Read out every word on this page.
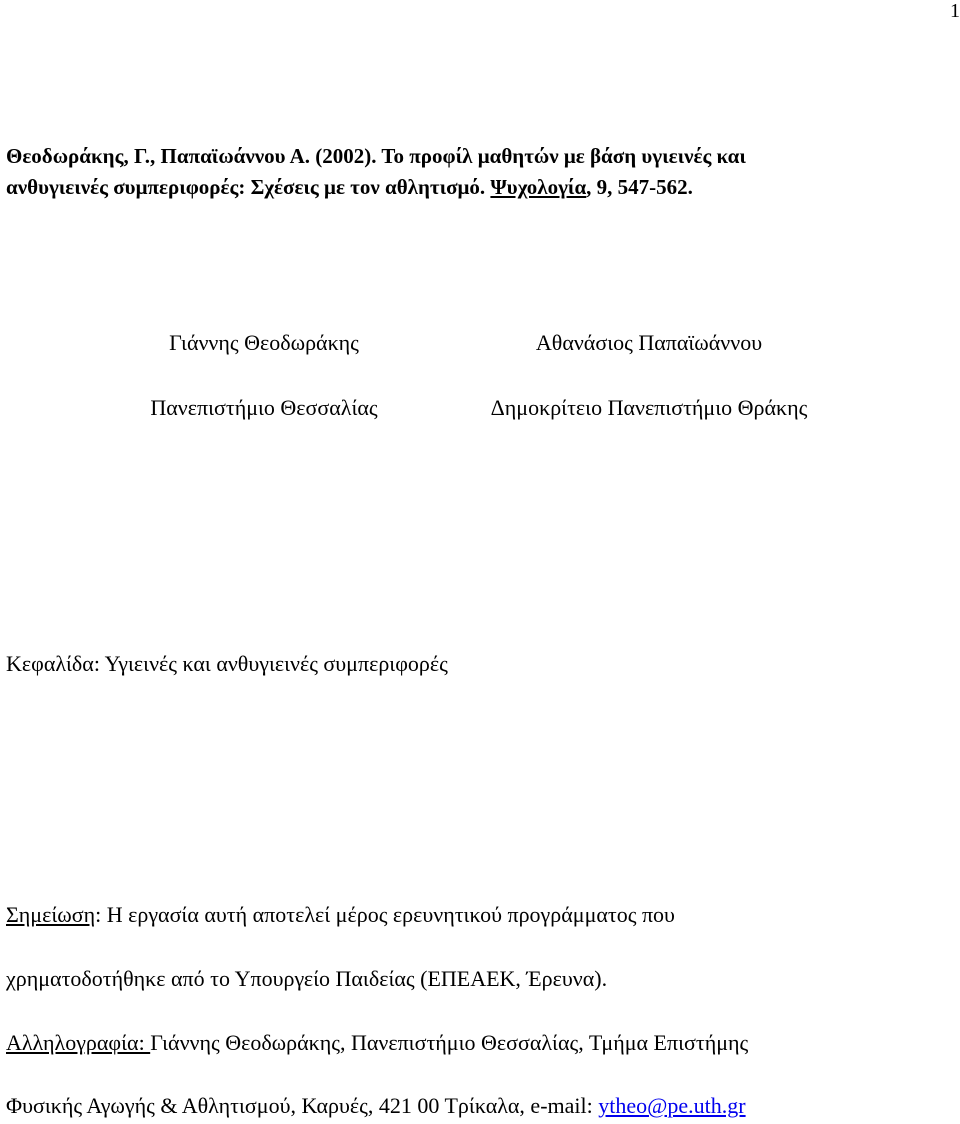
1
Θεοδωράκης, Γ., Παπαϊωάννου Α. (2002). Το προφίλ μαθητών με βάση υγιεινές και
ανθυγιεινές συμπεριφορές: Σχέσεις με τον αθλητισμό. Ψυχολογία, 9, 547-562.
Γιάννης Θεοδωράκης
Πανεπιστήμιο Θεσσαλίας
Αθανάσιος Παπαϊωάννου
Δημοκρίτειο Πανεπιστήμιο Θράκης
Κεφαλίδα: Υγιεινές και ανθυγιεινές συμπεριφορές
Σημείωση: Η εργασία αυτή αποτελεί μέρος ερευνητικού προγράμματος που
χρηματοδοτήθηκε από το Υπουργείο Παιδείας (ΕΠΕΑΕΚ, Έρευνα).
Αλληλογραφία: Γιάννης Θεοδωράκης, Πανεπιστήμιο Θεσσαλίας, Τμήμα Επιστήμης
Φυσικής Αγωγής & Αθλητισμού, Καρυές, 421 00 Τρίκαλα, e-mail: ytheo@pe.uth.gr
